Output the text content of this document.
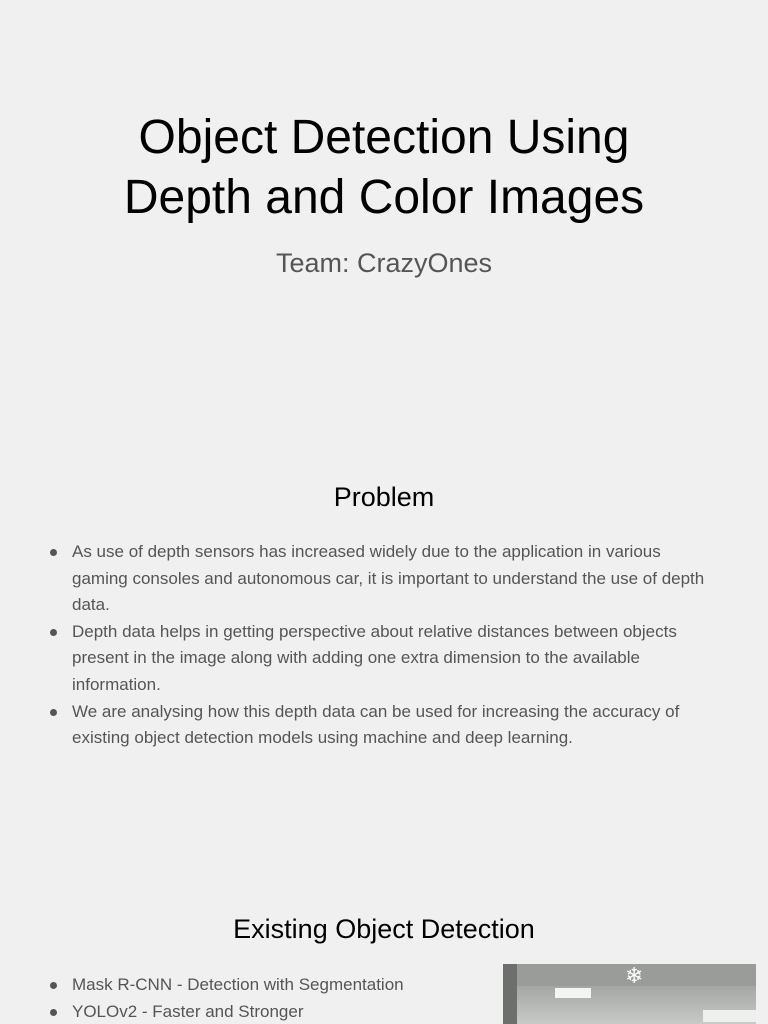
Object Detection Using
Depth and Color Images
Team: CrazyOnes
Problem
As use of depth sensors has increased widely due to the application in various gaming consoles and autonomous car, it is important to understand the use of depth data.
Depth data helps in getting perspective about relative distances between objects present in the image along with adding one extra dimension to the available information.
We are analysing how this depth data can be used for increasing the accuracy of existing object detection models using machine and deep learning.
Existing Object Detection
Mask R-CNN - Detection with Segmentation
YOLOv2 - Faster and Stronger
❄
